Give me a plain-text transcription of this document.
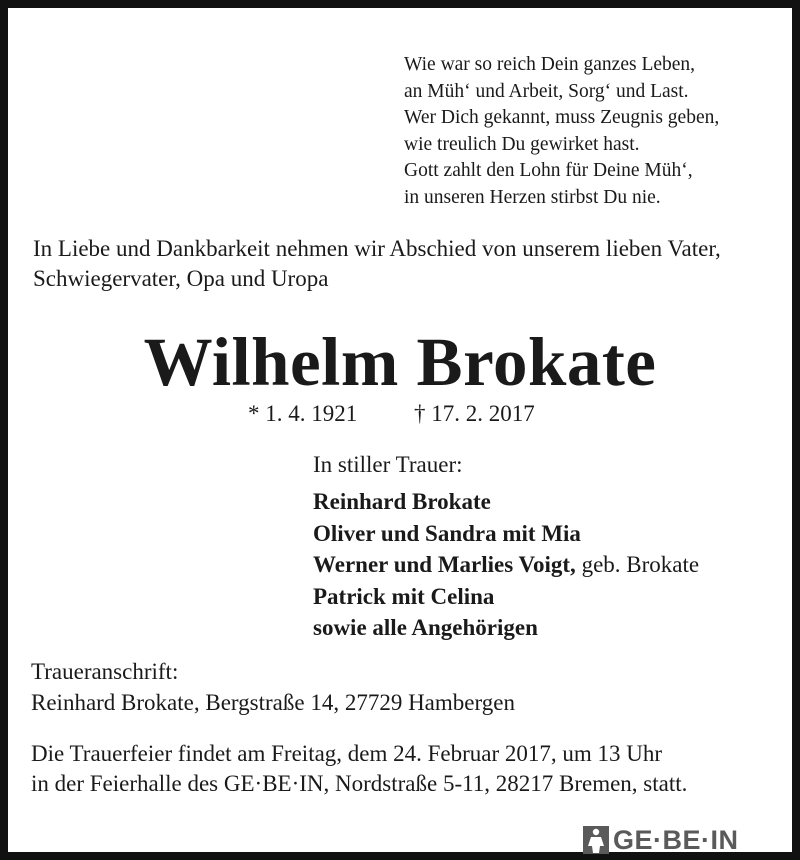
Wie war so reich Dein ganzes Leben,
an Müh‘ und Arbeit, Sorg‘ und Last.
Wer Dich gekannt, muss Zeugnis geben,
wie treulich Du gewirket hast.
Gott zahlt den Lohn für Deine Müh‘,
in unseren Herzen stirbst Du nie.
In Liebe und Dankbarkeit nehmen wir Abschied von unserem lieben Vater, Schwiegervater, Opa und Uropa
Wilhelm Brokate
* 1. 4. 1921 † 17. 2. 2017
In stiller Trauer:
Reinhard Brokate
Oliver und Sandra mit Mia
Werner und Marlies Voigt, geb. Brokate
Patrick mit Celina
sowie alle Angehörigen
Traueranschrift:
Reinhard Brokate, Bergstraße 14, 27729 Hambergen
Die Trauerfeier findet am Freitag, dem 24. Februar 2017, um 13 Uhr
in der Feierhalle des GE·BE·IN, Nordstraße 5-11, 28217 Bremen, statt.
GE·BE·IN
